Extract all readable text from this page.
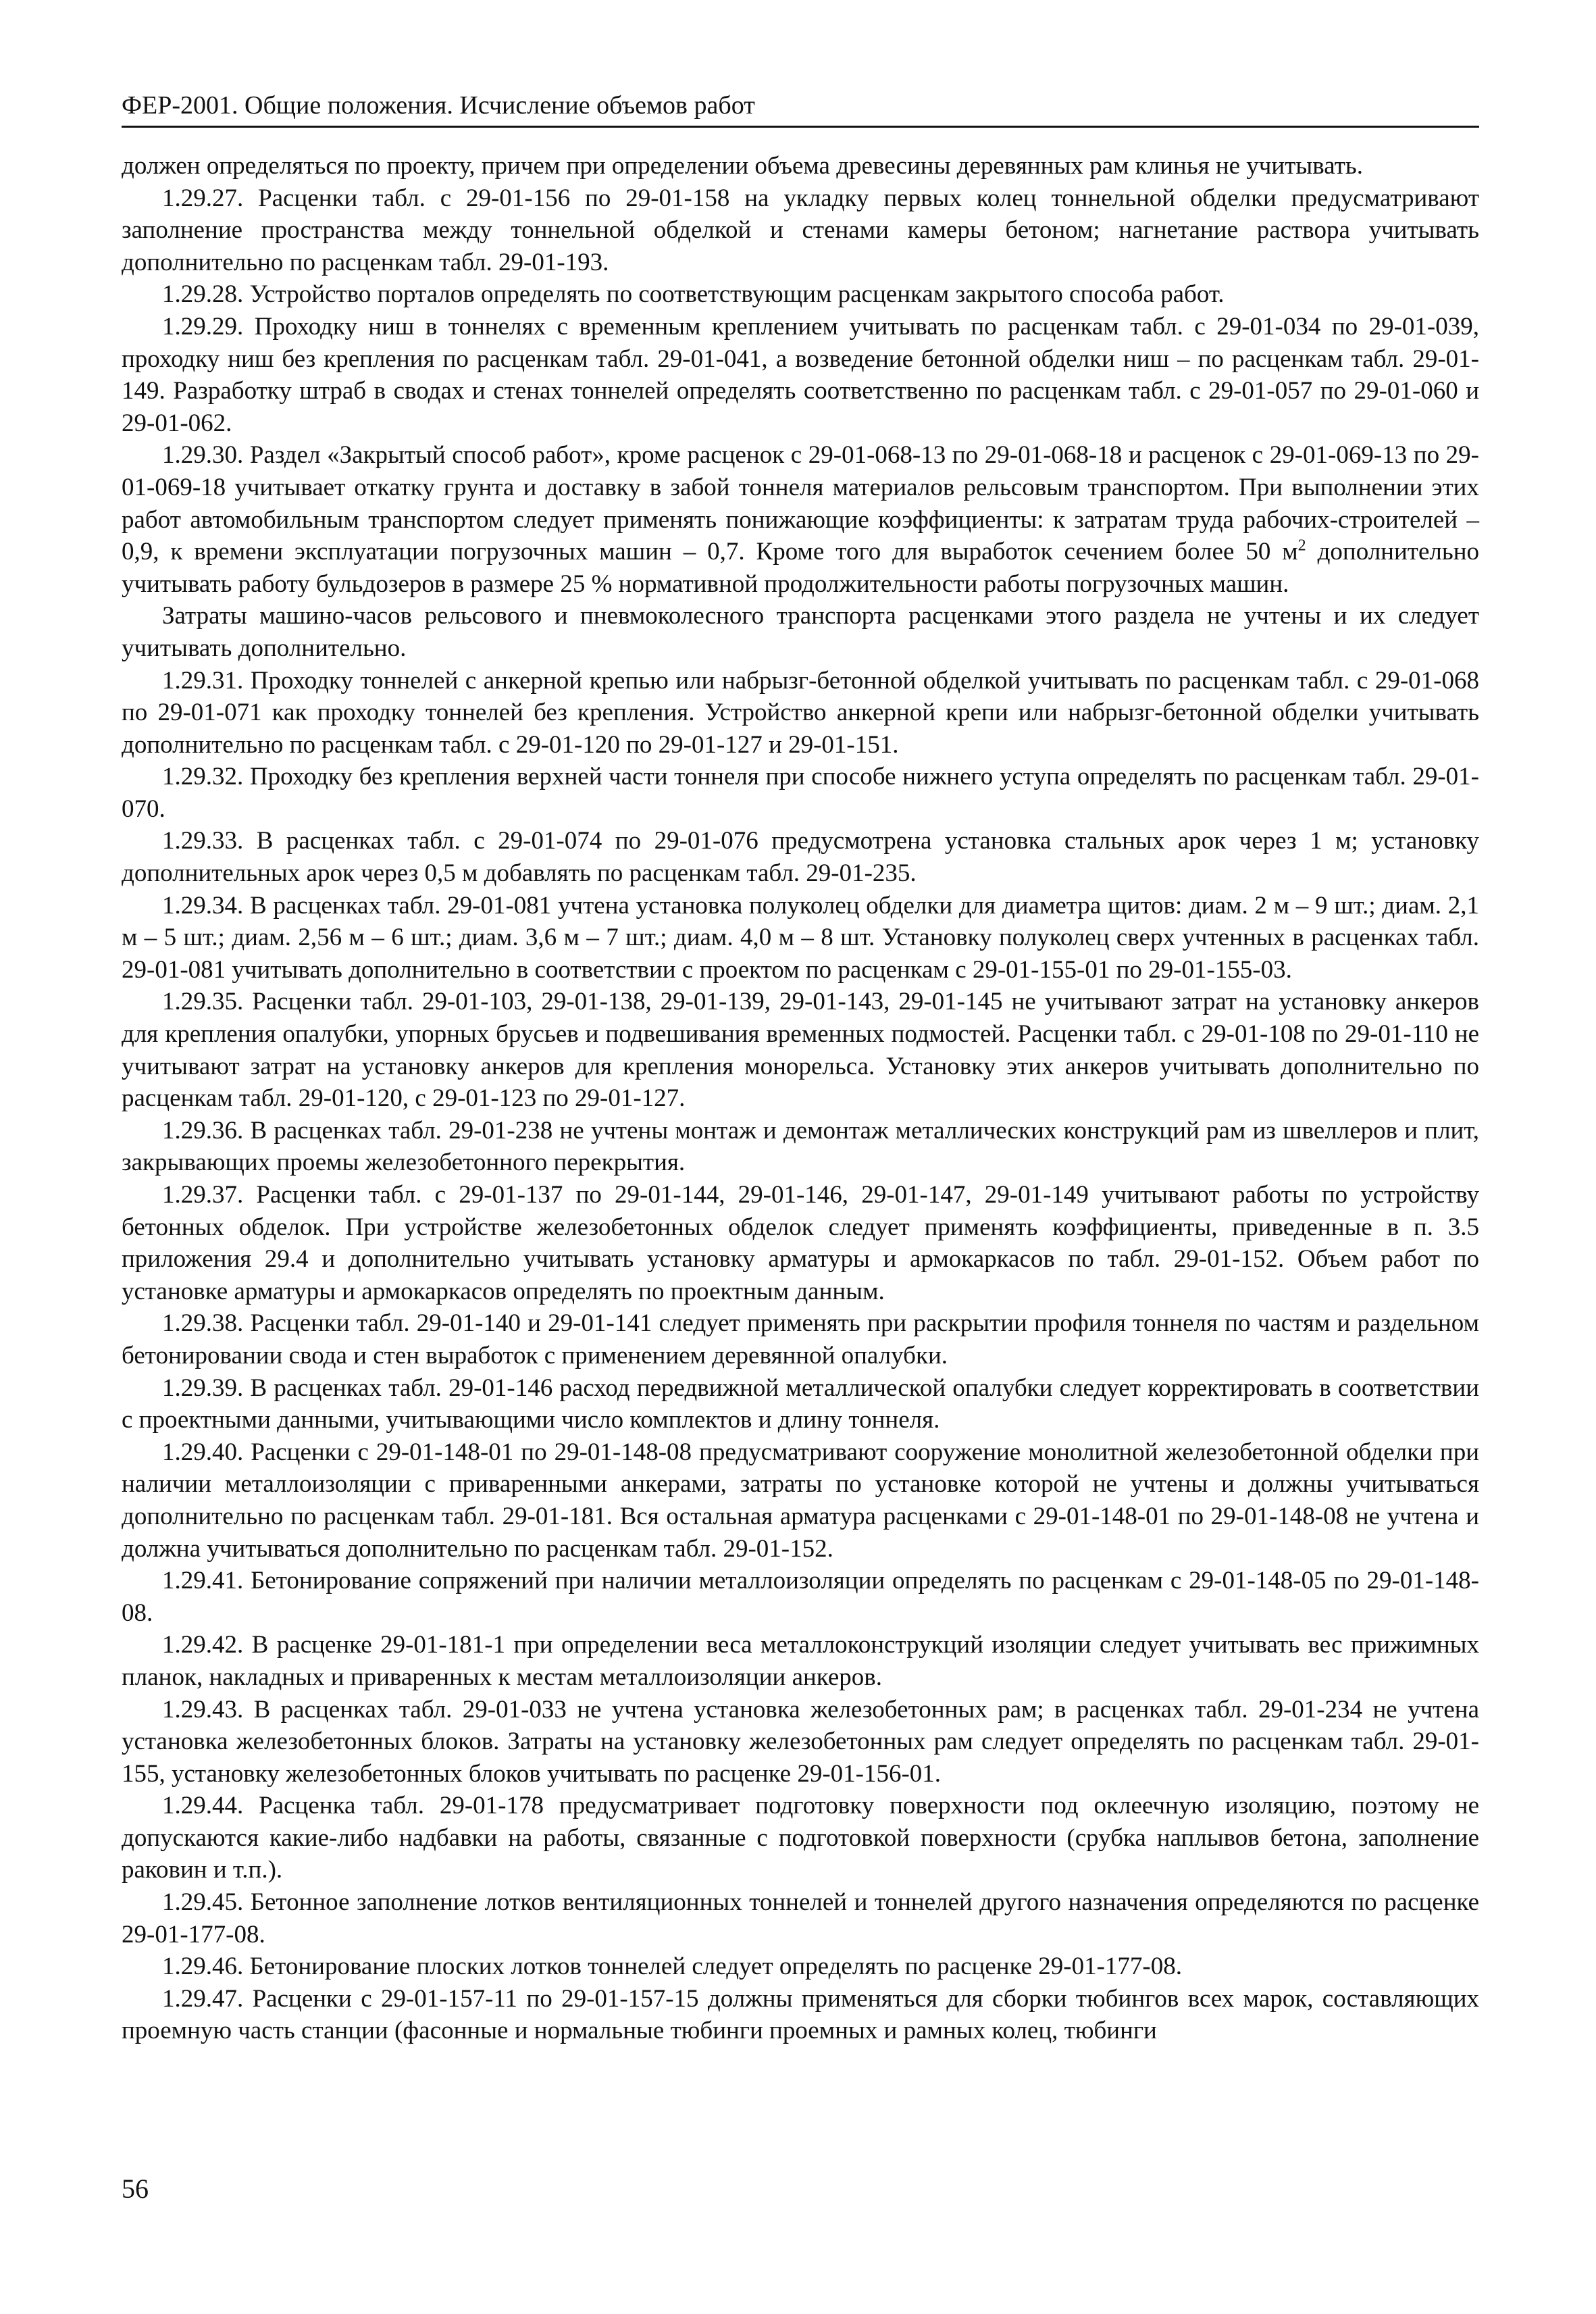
ФЕР-2001. Общие положения. Исчисление объемов работ

должен определяться по проекту, причем при определении объема древесины деревянных рам клинья не учитывать.

1.29.27. Расценки табл. с 29-01-156 по 29-01-158 на укладку первых колец тоннельной обделки предусматривают заполнение пространства между тоннельной обделкой и стенами камеры бетоном; нагнетание раствора учитывать дополнительно по расценкам табл. 29-01-193.

1.29.28. Устройство порталов определять по соответствующим расценкам закрытого способа работ.

1.29.29. Проходку ниш в тоннелях с временным креплением учитывать по расценкам табл. с 29-01-034 по 29-01-039, проходку ниш без крепления по расценкам табл. 29-01-041, а возведение бетонной обделки ниш – по расценкам табл. 29-01-149. Разработку штраб в сводах и стенах тоннелей определять соответственно по расценкам табл. с 29-01-057 по 29-01-060 и 29-01-062.

1.29.30. Раздел «Закрытый способ работ», кроме расценок с 29-01-068-13 по 29-01-068-18 и расценок с 29-01-069-13 по 29-01-069-18 учитывает откатку грунта и доставку в забой тоннеля материалов рельсовым транспортом. При выполнении этих работ автомобильным транспортом следует применять понижающие коэффициенты: к затратам труда рабочих-строителей – 0,9, к времени эксплуатации погрузочных машин – 0,7. Кроме того для выработок сечением более 50 $м^2$ дополнительно учитывать работу бульдозеров в размере 25 % нормативной продолжительности работы погрузочных машин.

Затраты машино-часов рельсового и пневмоколесного транспорта расценками этого раздела не учтены и их следует учитывать дополнительно.

1.29.31. Проходку тоннелей с анкерной крепью или набрызг-бетонной обделкой учитывать по расценкам табл. с 29-01-068 по 29-01-071 как проходку тоннелей без крепления. Устройство анкерной крепи или набрызг-бетонной обделки учитывать дополнительно по расценкам табл. с 29-01-120 по 29-01-127 и 29-01-151.

1.29.32. Проходку без крепления верхней части тоннеля при способе нижнего уступа определять по расценкам табл. 29-01-070.

1.29.33. В расценках табл. с 29-01-074 по 29-01-076 предусмотрена установка стальных арок через 1 м; установку дополнительных арок через 0,5 м добавлять по расценкам табл. 29-01-235.

1.29.34. В расценках табл. 29-01-081 учтена установка полуколец обделки для диаметра щитов: диам. 2 м – 9 шт.; диам. 2,1 м – 5 шт.; диам. 2,56 м – 6 шт.; диам. 3,6 м – 7 шт.; диам. 4,0 м – 8 шт. Установку полуколец сверх учтенных в расценках табл. 29-01-081 учитывать дополнительно в соответствии с проектом по расценкам с 29-01-155-01 по 29-01-155-03.

1.29.35. Расценки табл. 29-01-103, 29-01-138, 29-01-139, 29-01-143, 29-01-145 не учитывают затрат на установку анкеров для крепления опалубки, упорных брусьев и подвешивания временных подмостей. Расценки табл. с 29-01-108 по 29-01-110 не учитывают затрат на установку анкеров для крепления монорельса. Установку этих анкеров учитывать дополнительно по расценкам табл. 29-01-120, с 29-01-123 по 29-01-127.

1.29.36. В расценках табл. 29-01-238 не учтены монтаж и демонтаж металлических конструкций рам из швеллеров и плит, закрывающих проемы железобетонного перекрытия.

1.29.37. Расценки табл. с 29-01-137 по 29-01-144, 29-01-146, 29-01-147, 29-01-149 учитывают работы по устройству бетонных обделок. При устройстве железобетонных обделок следует применять коэффициенты, приведенные в п. 3.5 приложения 29.4 и дополнительно учитывать установку арматуры и армокаркасов по табл. 29-01-152. Объем работ по установке арматуры и армокаркасов определять по проектным данным.

1.29.38. Расценки табл. 29-01-140 и 29-01-141 следует применять при раскрытии профиля тоннеля по частям и раздельном бетонировании свода и стен выработок с применением деревянной опалубки.

1.29.39. В расценках табл. 29-01-146 расход передвижной металлической опалубки следует корректировать в соответствии с проектными данными, учитывающими число комплектов и длину тоннеля.

1.29.40. Расценки с 29-01-148-01 по 29-01-148-08 предусматривают сооружение монолитной железобетонной обделки при наличии металлоизоляции с приваренными анкерами, затраты по установке которой не учтены и должны учитываться дополнительно по расценкам табл. 29-01-181. Вся остальная арматура расценками с 29-01-148-01 по 29-01-148-08 не учтена и должна учитываться дополнительно по расценкам табл. 29-01-152.

1.29.41. Бетонирование сопряжений при наличии металлоизоляции определять по расценкам с 29-01-148-05 по 29-01-148-08.

1.29.42. В расценке 29-01-181-1 при определении веса металлоконструкций изоляции следует учитывать вес прижимных планок, накладных и приваренных к местам металлоизоляции анкеров.

1.29.43. В расценках табл. 29-01-033 не учтена установка железобетонных рам; в расценках табл. 29-01-234 не учтена установка железобетонных блоков. Затраты на установку железобетонных рам следует определять по расценкам табл. 29-01-155, установку железобетонных блоков учитывать по расценке 29-01-156-01.

1.29.44. Расценка табл. 29-01-178 предусматривает подготовку поверхности под оклеечную изоляцию, поэтому не допускаются какие-либо надбавки на работы, связанные с подготовкой поверхности (срубка наплывов бетона, заполнение раковин и т.п.).

1.29.45. Бетонное заполнение лотков вентиляционных тоннелей и тоннелей другого назначения определяются по расценке 29-01-177-08.

1.29.46. Бетонирование плоских лотков тоннелей следует определять по расценке 29-01-177-08.

1.29.47. Расценки с 29-01-157-11 по 29-01-157-15 должны применяться для сборки тюбингов всех марок, составляющих проемную часть станции (фасонные и нормальные тюбинги проемных и рамных колец, тюбинги

56
